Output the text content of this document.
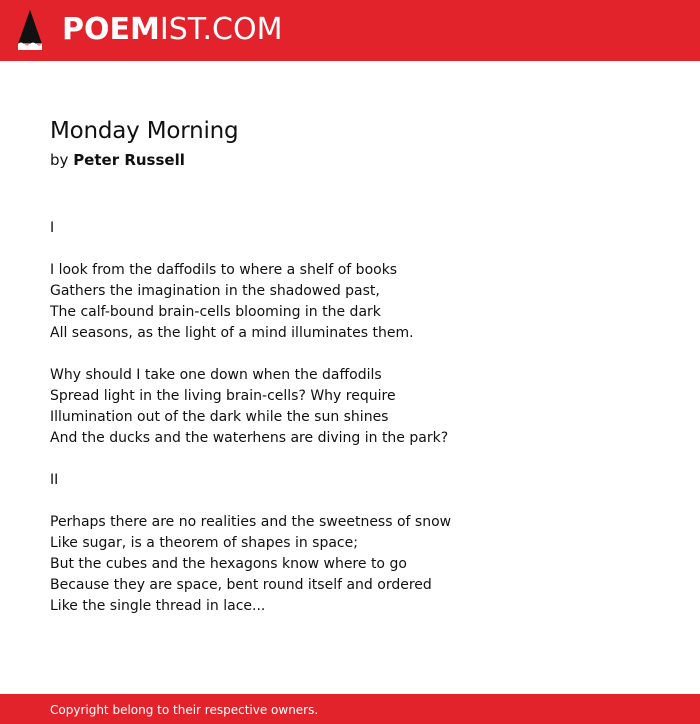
POEMIST.COM
Monday Morning
by Peter Russell
I
I look from the daffodils to where a shelf of books
Gathers the imagination in the shadowed past,
The calf-bound brain-cells blooming in the dark
All seasons, as the light of a mind illuminates them.
Why should I take one down when the daffodils
Spread light in the living brain-cells? Why require
Illumination out of the dark while the sun shines
And the ducks and the waterhens are diving in the park?
II
Perhaps there are no realities and the sweetness of snow
Like sugar, is a theorem of shapes in space;
But the cubes and the hexagons know where to go
Because they are space, bent round itself and ordered
Like the single thread in lace...
Copyright belong to their respective owners.
